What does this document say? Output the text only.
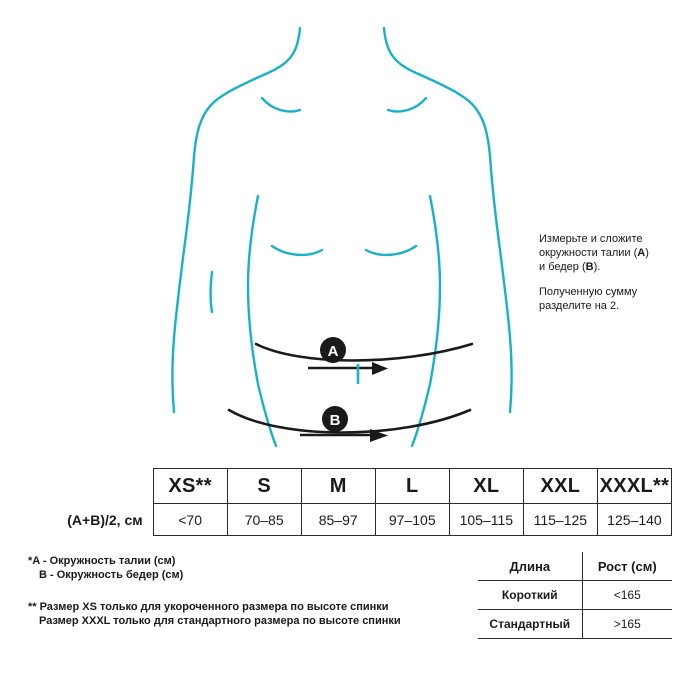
A
B

Измерьте и сложите
окружности талии (A)
и бедер (B).

Полученную сумму
разделите на 2.

	XS**	S	M	L	XL	XXL	XXXL**
(A+B)/2, см	<70	70–85	85–97	97–105	105–115	115–125	125–140
*A - Окружность талии (см)
B - Окружность бедер (см)
** Размер XS только для укороченного размера по высоте спинки
Размер XXXL только для стандартного размера по высоте спинки
Длина	Рост (см)
Короткий	<165
Стандартный	>165
